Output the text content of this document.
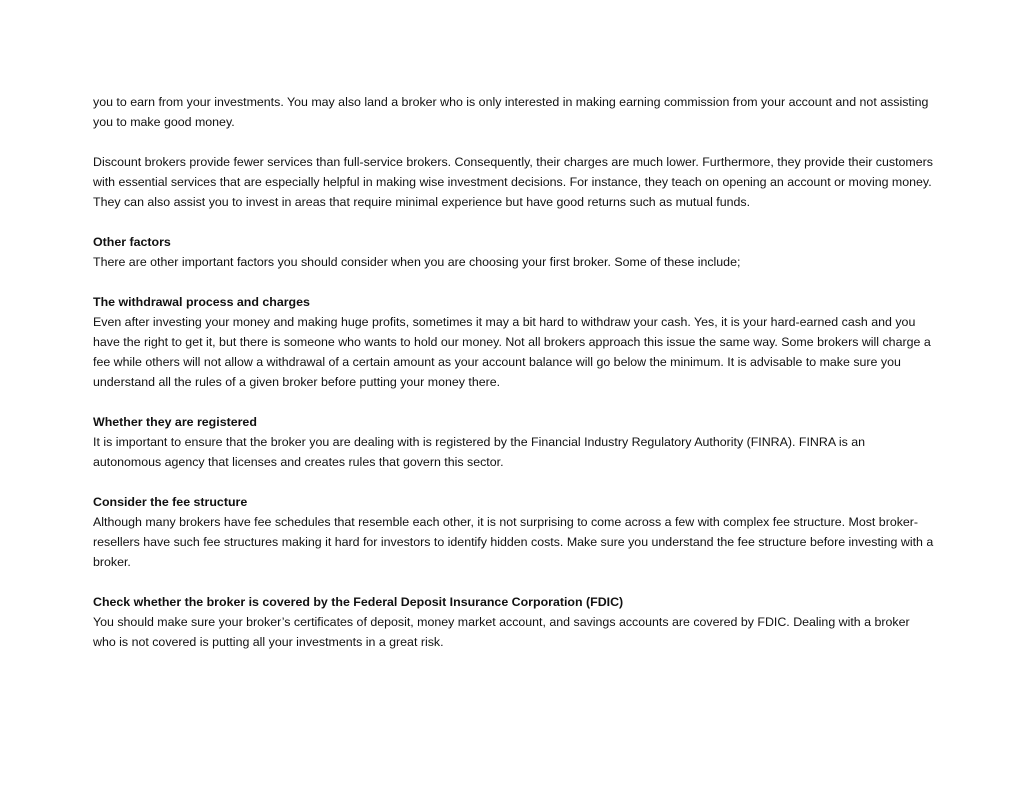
you to earn from your investments. You may also land a broker who is only interested in making earning commission from your account and not assisting you to make good money.

Discount brokers provide fewer services than full-service brokers. Consequently, their charges are much lower. Furthermore, they provide their customers with essential services that are especially helpful in making wise investment decisions. For instance, they teach on opening an account or moving money. They can also assist you to invest in areas that require minimal experience but have good returns such as mutual funds.

Other factors

There are other important factors you should consider when you are choosing your first broker. Some of these include;

The withdrawal process and charges

Even after investing your money and making huge profits, sometimes it may a bit hard to withdraw your cash. Yes, it is your hard-earned cash and you have the right to get it, but there is someone who wants to hold our money. Not all brokers approach this issue the same way. Some brokers will charge a fee while others will not allow a withdrawal of a certain amount as your account balance will go below the minimum. It is advisable to make sure you understand all the rules of a given broker before putting your money there.

Whether they are registered

It is important to ensure that the broker you are dealing with is registered by the Financial Industry Regulatory Authority (FINRA). FINRA is an autonomous agency that licenses and creates rules that govern this sector.

Consider the fee structure

Although many brokers have fee schedules that resemble each other, it is not surprising to come across a few with complex fee structure. Most broker-resellers have such fee structures making it hard for investors to identify hidden costs. Make sure you understand the fee structure before investing with a broker.

Check whether the broker is covered by the Federal Deposit Insurance Corporation (FDIC)

You should make sure your broker’s certificates of deposit, money market account, and savings accounts are covered by FDIC. Dealing with a broker who is not covered is putting all your investments in a great risk.
